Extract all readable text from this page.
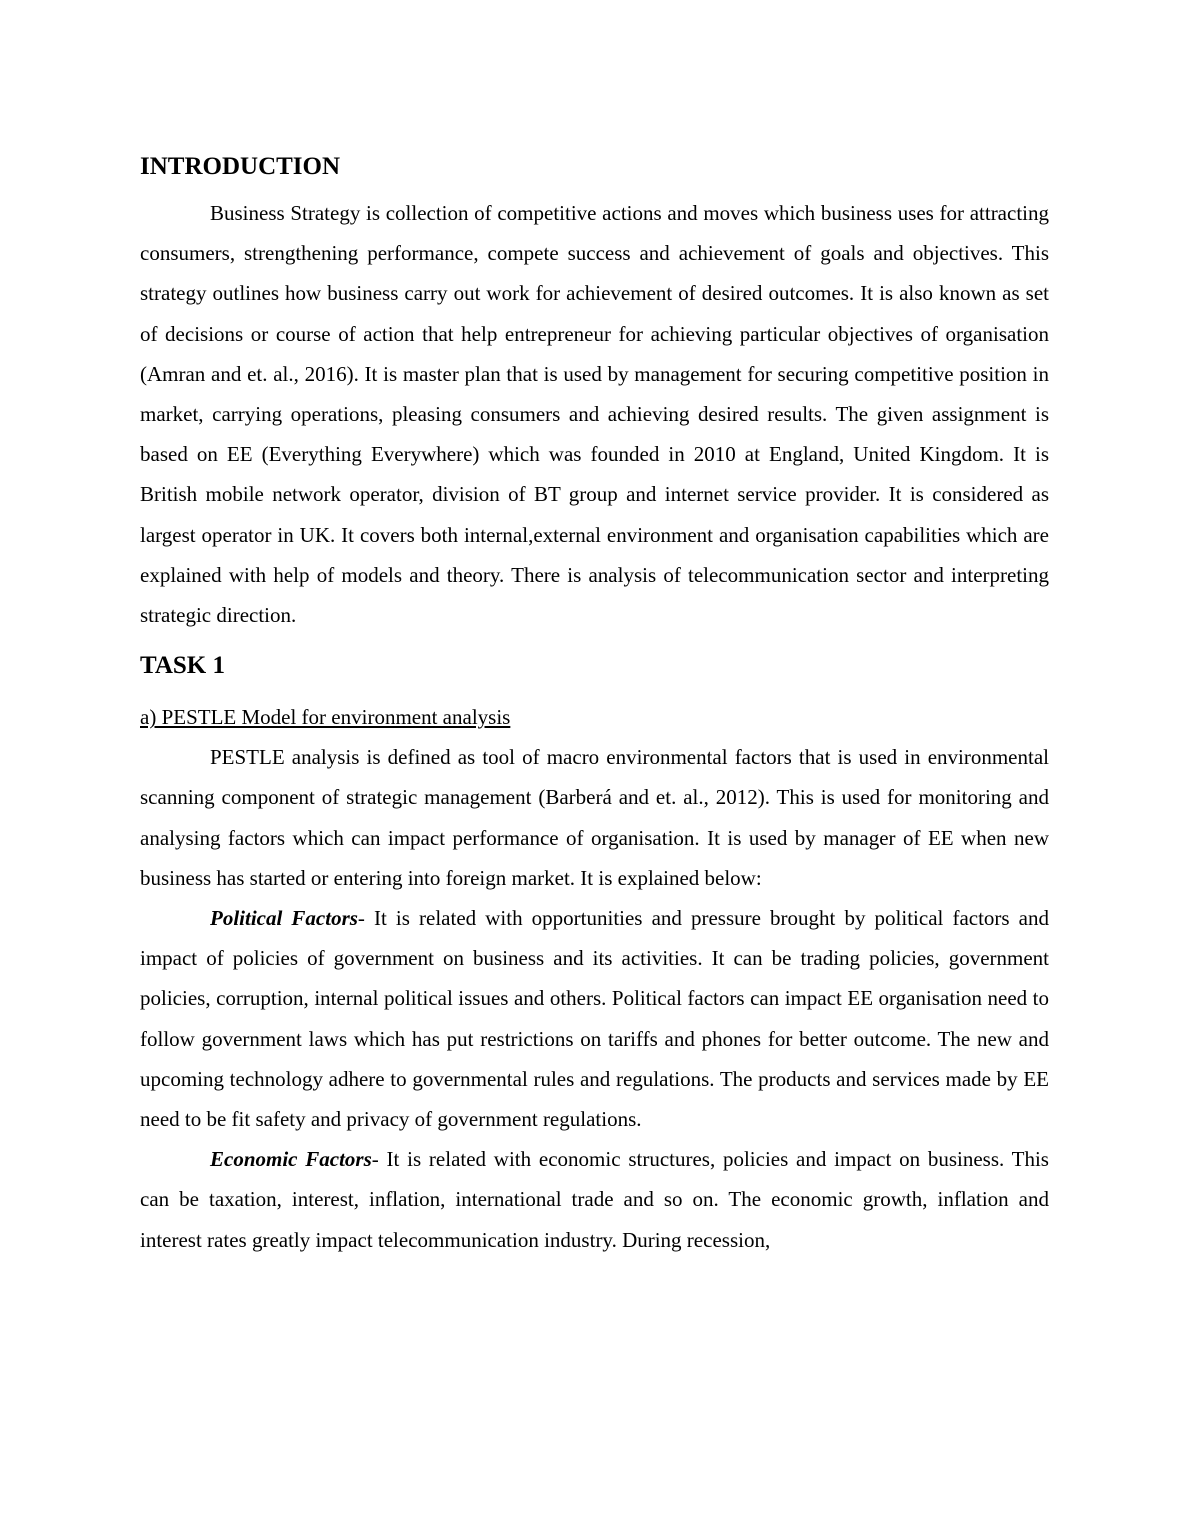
INTRODUCTION

Business Strategy is collection of competitive actions and moves which business uses for attracting consumers, strengthening performance, compete success and achievement of goals and objectives. This strategy outlines how business carry out work for achievement of desired outcomes. It is also known as set of decisions or course of action that help entrepreneur for achieving particular objectives of organisation (Amran and et. al., 2016). It is master plan that is used by management for securing competitive position in market, carrying operations, pleasing consumers and achieving desired results. The given assignment is based on EE (Everything Everywhere) which was founded in 2010 at England, United Kingdom. It is British mobile network operator, division of BT group and internet service provider. It is considered as largest operator in UK. It covers both internal,external environment and organisation capabilities which are explained with help of models and theory. There is analysis of telecommunication sector and interpreting strategic direction.

TASK 1
a) PESTLE Model for environment analysis

PESTLE analysis is defined as tool of macro environmental factors that is used in environmental scanning component of strategic management (Barberá and et. al., 2012). This is used for monitoring and analysing factors which can impact performance of organisation. It is used by manager of EE when new business has started or entering into foreign market. It is explained below:

Political Factors- It is related with opportunities and pressure brought by political factors and impact of policies of government on business and its activities. It can be trading policies, government policies, corruption, internal political issues and others. Political factors can impact EE organisation need to follow government laws which has put restrictions on tariffs and phones for better outcome. The new and upcoming technology adhere to governmental rules and regulations. The products and services made by EE need to be fit safety and privacy of government regulations.

Economic Factors- It is related with economic structures, policies and impact on business. This can be taxation, interest, inflation, international trade and so on. The economic growth, inflation and interest rates greatly impact telecommunication industry. During recession,
